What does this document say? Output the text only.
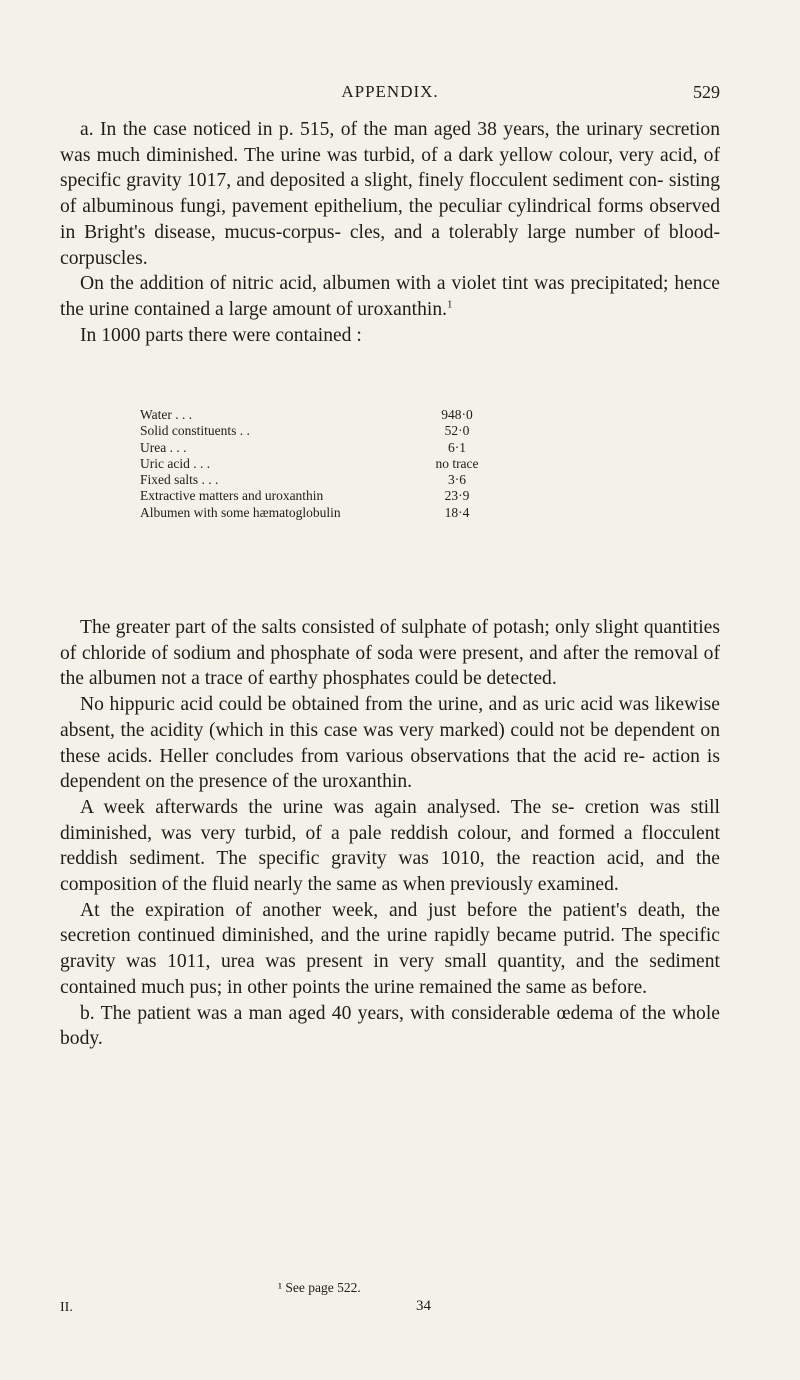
APPENDIX.	529

a. In the case noticed in p. 515, of the man aged 38 years, the urinary secretion was much diminished. The urine was turbid, of a dark yellow colour, very acid, of specific gravity 1017, and deposited a slight, finely flocculent sediment con- sisting of albuminous fungi, pavement epithelium, the peculiar cylindrical forms observed in Bright's disease, mucus-corpus- cles, and a tolerably large number of blood-corpuscles.

On the addition of nitric acid, albumen with a violet tint was precipitated; hence the urine contained a large amount of uroxanthin.$^1$

In 1000 parts there were contained :

Water . . .	948·0
Solid constituents . .	52·0
Urea . . .	6·1
Uric acid . . .	no trace
Fixed salts . . .	3·6
Extractive matters and uroxanthin	23·9
Albumen with some hæmatoglobulin	18·4

The greater part of the salts consisted of sulphate of potash; only slight quantities of chloride of sodium and phosphate of soda were present, and after the removal of the albumen not a trace of earthy phosphates could be detected.

No hippuric acid could be obtained from the urine, and as uric acid was likewise absent, the acidity (which in this case was very marked) could not be dependent on these acids. Heller concludes from various observations that the acid re- action is dependent on the presence of the uroxanthin.

A week afterwards the urine was again analysed. The se- cretion was still diminished, was very turbid, of a pale reddish colour, and formed a flocculent reddish sediment. The specific gravity was 1010, the reaction acid, and the composition of the fluid nearly the same as when previously examined.

At the expiration of another week, and just before the patient's death, the secretion continued diminished, and the urine rapidly became putrid. The specific gravity was 1011, urea was present in very small quantity, and the sediment contained much pus; in other points the urine remained the same as before.

b. The patient was a man aged 40 years, with considerable œdema of the whole body.

¹ See page 522.
II.	34
